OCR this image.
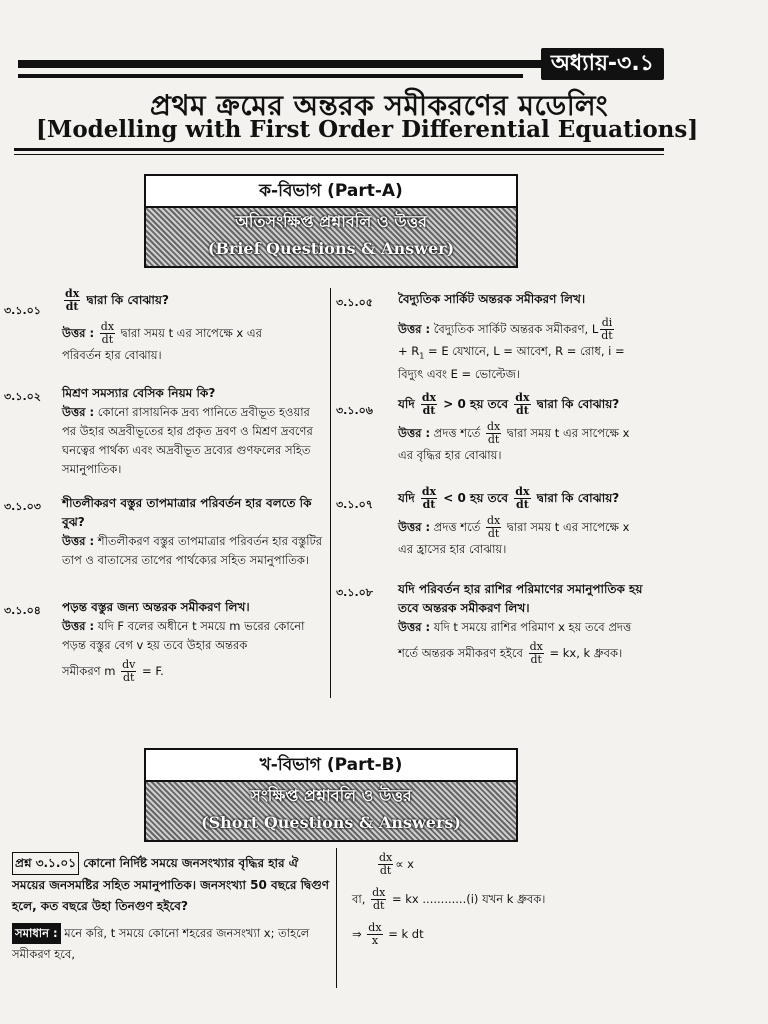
অধ্যায়-৩.১
প্রথম ক্রমের অন্তরক সমীকরণের মডেলিং
[Modelling with First Order Differential Equations]
ক-বিভাগ (Part-A)
অতিসংক্ষিপ্ত প্রশ্নাবলি ও উত্তর
(Brief Questions & Answer)
৩.১.০১ $\frac{dx}{dt}$ দ্বারা কি বোঝায়?
উত্তর : $\frac{dx}{dt}$ দ্বারা সময় t এর সাপেক্ষে x এর
পরিবর্তন হার বোঝায়।
৩.১.০২ মিশ্রণ সমস্যার বেসিক নিয়ম কি?
উত্তর : কোনো রাসায়নিক দ্রব্য পানিতে দ্রবীভূত হওয়ার পর উহার অদ্রবীভূতের হার প্রকৃত দ্রবণ ও মিশ্রণ দ্রবণের ঘনত্বের পার্থক্য এবং অদ্রবীভূত দ্রব্যের গুণফলের সহিত সমানুপাতিক।
৩.১.০৩ শীতলীকরণ বস্তুর তাপমাত্রার পরিবর্তন হার বলতে কি বুঝ?
উত্তর : শীতলীকরণ বস্তুর তাপমাত্রার পরিবর্তন হার বস্তুটির তাপ ও বাতাসের তাপের পার্থক্যের সহিত সমানুপাতিক।
৩.১.০৪ পড়ন্ত বস্তুর জন্য অন্তরক সমীকরণ লিখ।
উত্তর : যদি F বলের অধীনে t সময়ে m ভরের কোনো পড়ন্ত বস্তুর বেগ v হয় তবে উহার অন্তরক
সমীকরণ m $\frac{dv}{dt} = F$.
৩.১.০৫ বৈদ্যুতিক সার্কিট অন্তরক সমীকরণ লিখ।
উত্তর : বৈদ্যুতিক সার্কিট অন্তরক সমীকরণ, L $\frac{di}{dt}$
+ $R_1 = E$ যেখানে, L = আবেশ, R = রোধ, i =
বিদ্যুৎ এবং E = ভোল্টেজ।
৩.১.০৬ যদি $\frac{dx}{dt} > 0$ হয় তবে $\frac{dx}{dt}$ দ্বারা কি বোঝায়?
উত্তর : প্রদত্ত শর্তে $\frac{dx}{dt}$ দ্বারা সময় t এর সাপেক্ষে x
এর বৃদ্ধির হার বোঝায়।
৩.১.০৭ যদি $\frac{dx}{dt} < 0$ হয় তবে $\frac{dx}{dt}$ দ্বারা কি বোঝায়?
উত্তর : প্রদত্ত শর্তে $\frac{dx}{dt}$ দ্বারা সময় t এর সাপেক্ষে x
এর হ্রাসের হার বোঝায়।
৩.১.০৮ যদি পরিবর্তন হার রাশির পরিমাণের সমানুপাতিক হয় তবে অন্তরক সমীকরণ লিখ।
উত্তর : যদি t সময়ে রাশির পরিমাণ x হয় তবে প্রদত্ত
শর্তে অন্তরক সমীকরণ হইবে $\frac{dx}{dt}$ = kx, k ধ্রুবক।
খ-বিভাগ (Part-B)
সংক্ষিপ্ত প্রশ্নাবলি ও উত্তর
(Short Questions & Answers)
প্রশ্ন ৩.১.০১ কোনো নির্দিষ্ট সময়ে জনসংখ্যার বৃদ্ধির হার ঐ সময়ের জনসমষ্টির সহিত সমানুপাতিক। জনসংখ্যা 50 বছরে দ্বিগুণ হলে, কত বছরে উহা তিনগুণ হইবে?
সমাধান : মনে করি, t সময়ে কোনো শহরের জনসংখ্যা x; তাহলে সমীকরণ হবে,
$\frac{dx}{dt} \propto x$
বা, $\frac{dx}{dt}$ = kx ............(i) যখন k ধ্রুবক।
⇒ $\frac{dx}{x} = k$ dt
